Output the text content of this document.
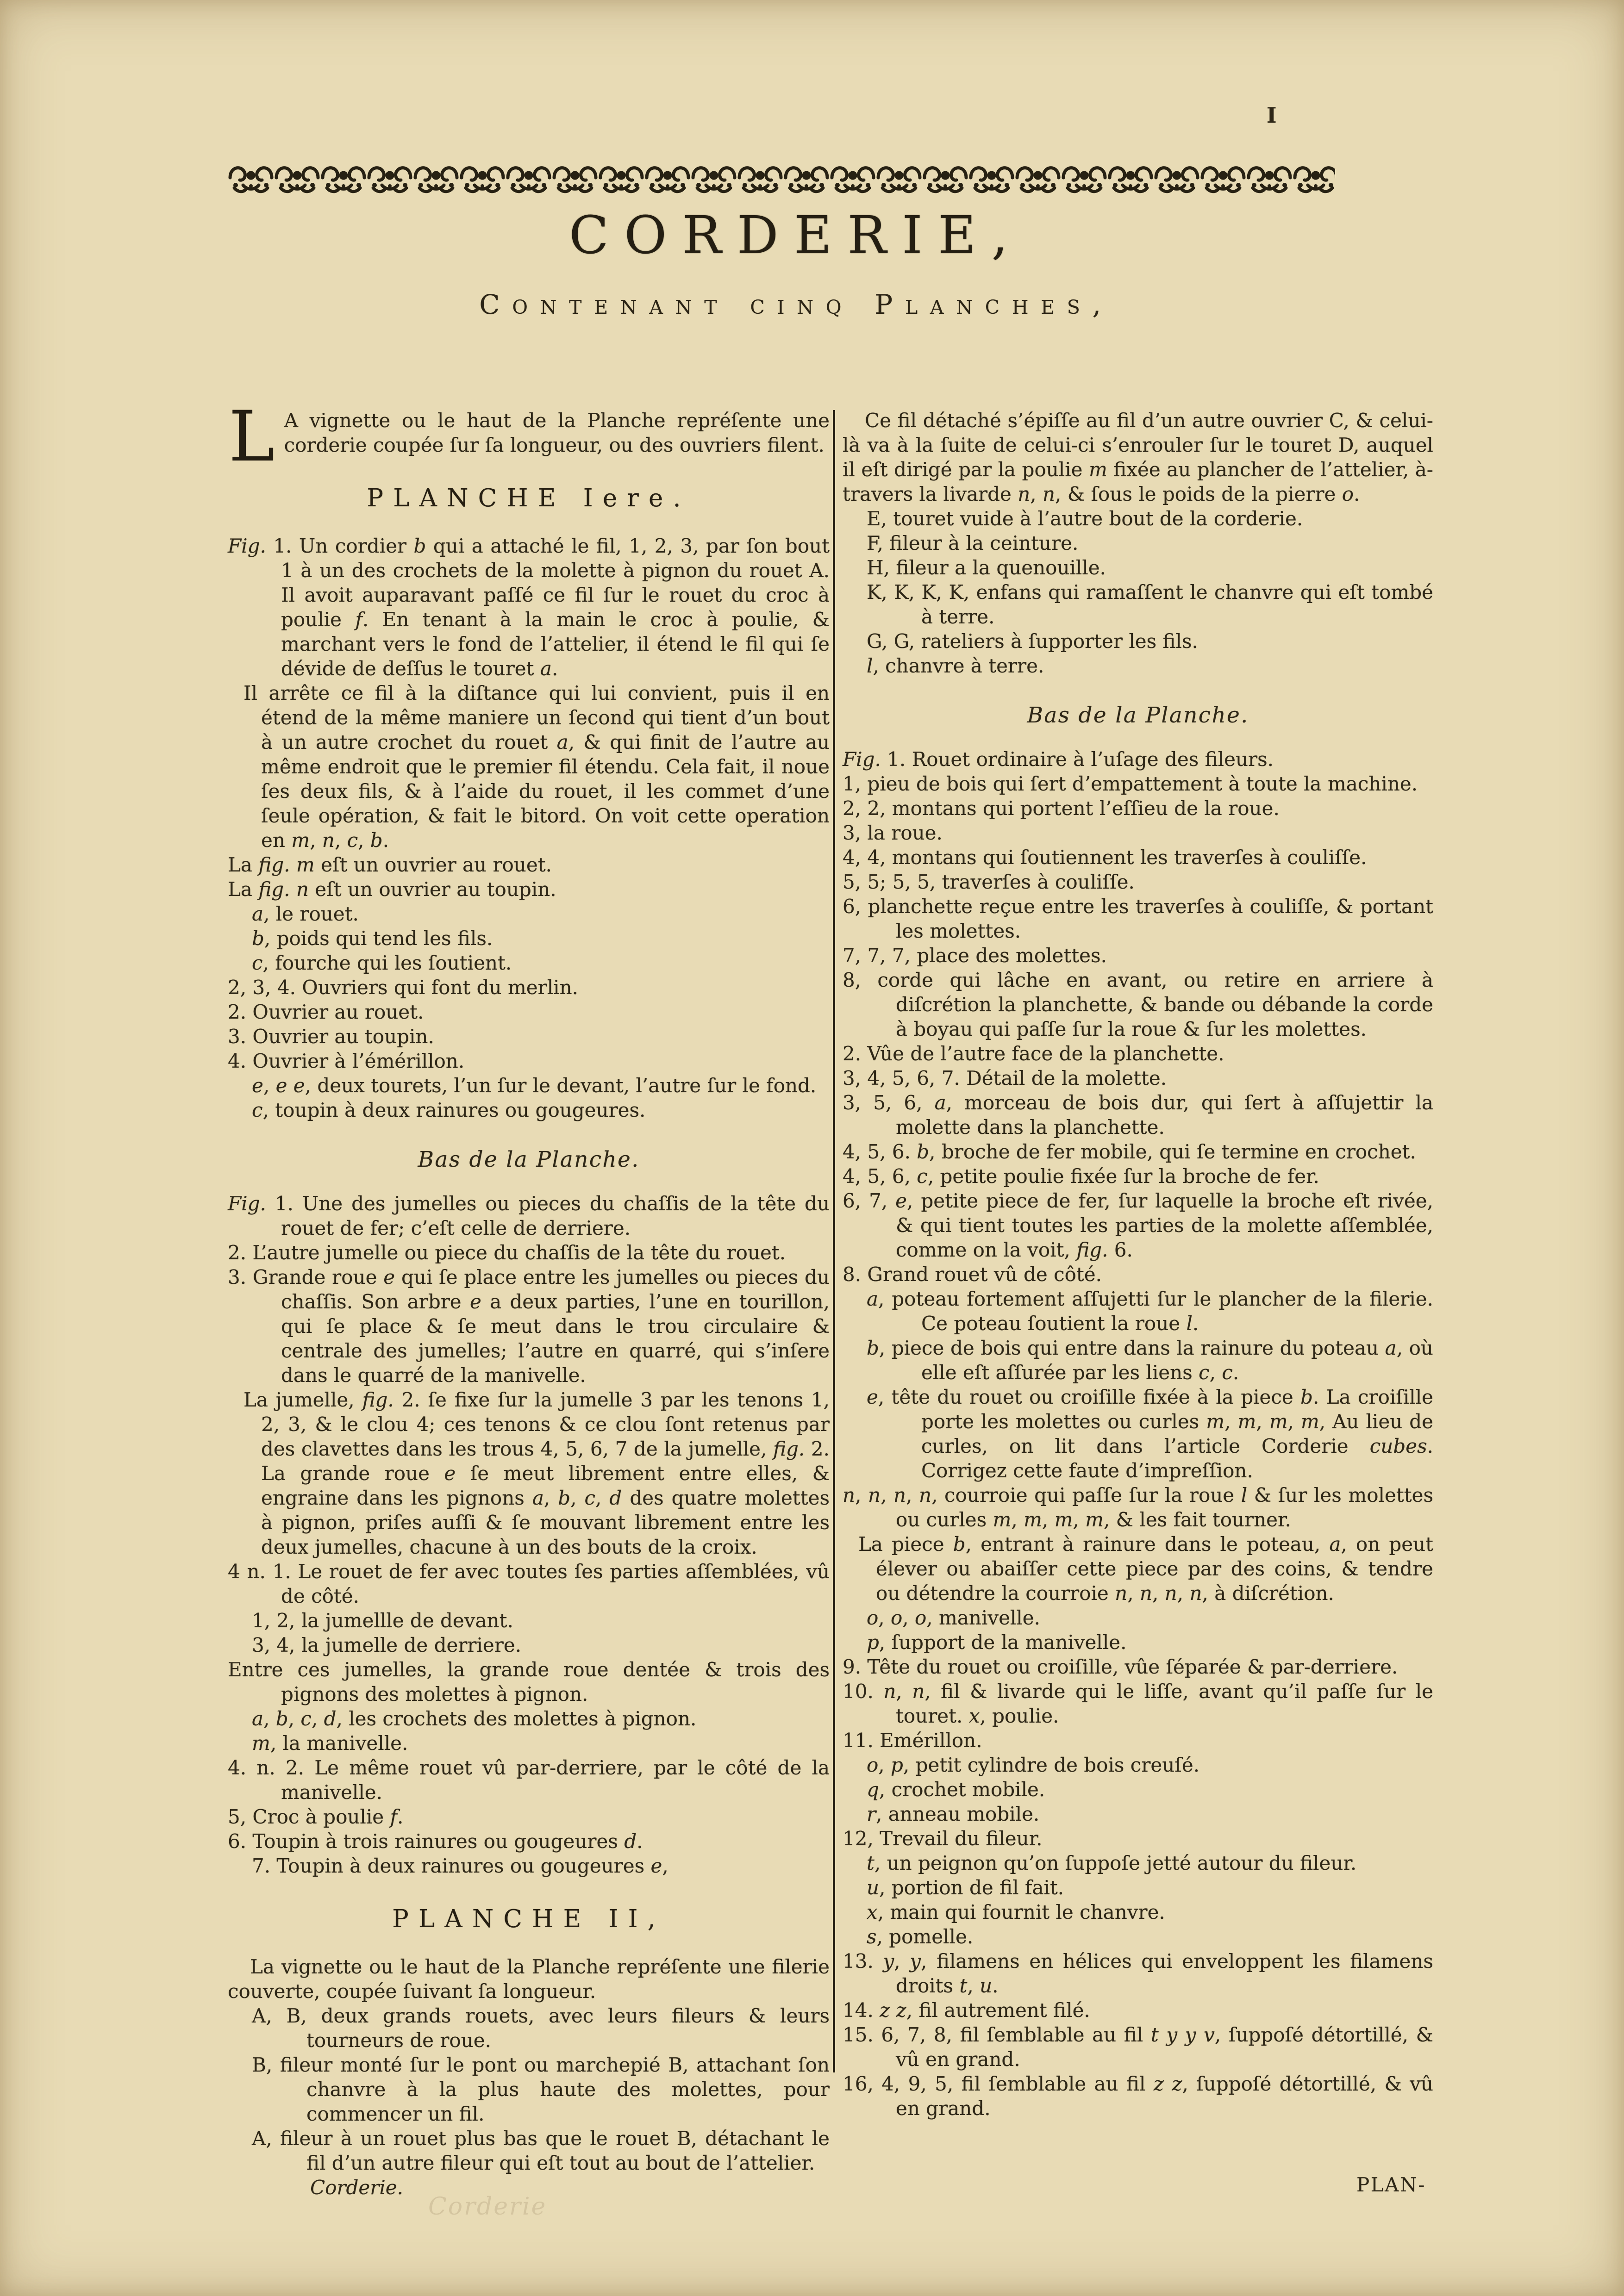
I
CORDERIE,
Contenant cinq Planches,
L A vignette ou le haut de la Planche repréſente une corderie coupée ſur ſa longueur, ou des ouvriers filent.
PLANCHE Iere.
Fig. 1. Un cordier b qui a attaché le fil, 1, 2, 3, par ſon bout 1 à un des crochets de la molette à pignon du rouet A. Il avoit auparavant paſſé ce fil ſur le rouet du croc à poulie f. En tenant à la main le croc à poulie, & marchant vers le fond de l’attelier, il étend le fil qui ſe dévide de deſſus le touret a.
Il arrête ce fil à la diſtance qui lui convient, puis il en étend de la même maniere un ſecond qui tient d’un bout à un autre crochet du rouet a, & qui finit de l’autre au même endroit que le premier fil étendu. Cela fait, il noue ſes deux fils, & à l’aide du rouet, il les commet d’une ſeule opération, & fait le bitord. On voit cette operation en m, n, c, b.
La fig. m eſt un ouvrier au rouet.
La fig. n eſt un ouvrier au toupin.
a, le rouet.
b, poids qui tend les fils.
c, fourche qui les ſoutient.
2, 3, 4. Ouvriers qui font du merlin.
2. Ouvrier au rouet.
3. Ouvrier au toupin.
4. Ouvrier à l’émérillon.
e, e e, deux tourets, l’un ſur le devant, l’autre ſur le fond.
c, toupin à deux rainures ou gougeures.
Bas de la Planche.
Fig. 1. Une des jumelles ou pieces du chaſſis de la tête du rouet de fer; c’eſt celle de derriere.
2. L’autre jumelle ou piece du chaſſis de la tête du rouet.
3. Grande roue e qui ſe place entre les jumelles ou pieces du chaſſis. Son arbre e a deux parties, l’une en tourillon, qui ſe place & ſe meut dans le trou circulaire & centrale des jumelles; l’autre en quarré, qui s’inſere dans le quarré de la manivelle.
La jumelle, fig. 2. ſe fixe ſur la jumelle 3 par les tenons 1, 2, 3, & le clou 4; ces tenons & ce clou ſont retenus par des clavettes dans les trous 4, 5, 6, 7 de la jumelle, fig. 2. La grande roue e ſe meut librement entre elles, & engraine dans les pignons a, b, c, d des quatre molettes à pignon, priſes auſſi & ſe mouvant librement entre les deux jumelles, chacune à un des bouts de la croix.
4 n. 1. Le rouet de fer avec toutes ſes parties aſſemblées, vû de côté.
1, 2, la jumellle de devant.
3, 4, la jumelle de derriere.
Entre ces jumelles, la grande roue dentée & trois des pignons des molettes à pignon.
a, b, c, d, les crochets des molettes à pignon.
m, la manivelle.
4. n. 2. Le même rouet vû par-derriere, par le côté de la manivelle.
5, Croc à poulie f.
6. Toupin à trois rainures ou gougeures d.
7. Toupin à deux rainures ou gougeures e,
PLANCHE II,
La vignette ou le haut de la Planche repréſente une filerie couverte, coupée ſuivant ſa longueur.
A, B, deux grands rouets, avec leurs fileurs & leurs tourneurs de roue.
B, fileur monté ſur le pont ou marchepié B, attachant ſon chanvre à la plus haute des molettes, pour commencer un fil.
A, fileur à un rouet plus bas que le rouet B, détachant le fil d’un autre fileur qui eſt tout au bout de l’attelier.
Corderie.
Ce fil détaché s’épiſſe au fil d’un autre ouvrier C, & celui-là va à la ſuite de celui-ci s’enrouler ſur le touret D, auquel il eſt dirigé par la poulie m fixée au plancher de l’attelier, à-travers la livarde n, n, & ſous le poids de la pierre o.
E, touret vuide à l’autre bout de la corderie.
F, fileur à la ceinture.
H, fileur a la quenouille.
K, K, K, K, enfans qui ramaſſent le chanvre qui eſt tombé à terre.
G, G, rateliers à ſupporter les fils.
l, chanvre à terre.
Bas de la Planche.
Fig. 1. Rouet ordinaire à l’uſage des fileurs.
1, pieu de bois qui ſert d’empattement à toute la machine.
2, 2, montans qui portent l’eſſieu de la roue.
3, la roue.
4, 4, montans qui ſoutiennent les traverſes à couliſſe.
5, 5; 5, 5, traverſes à couliſſe.
6, planchette reçue entre les traverſes à couliſſe, & portant les molettes.
7, 7, 7, place des molettes.
8, corde qui lâche en avant, ou retire en arriere à diſcrétion la planchette, & bande ou débande la corde à boyau qui paſſe ſur la roue & ſur les molettes.
2. Vûe de l’autre face de la planchette.
3, 4, 5, 6, 7. Détail de la molette.
3, 5, 6, a, morceau de bois dur, qui ſert à aſſujettir la molette dans la planchette.
4, 5, 6. b, broche de fer mobile, qui ſe termine en crochet.
4, 5, 6, c, petite poulie fixée ſur la broche de fer.
6, 7, e, petite piece de fer, ſur laquelle la broche eſt rivée, & qui tient toutes les parties de la molette aſſemblée, comme on la voit, fig. 6.
8. Grand rouet vû de côté.
a, poteau fortement aſſujetti ſur le plancher de la filerie. Ce poteau ſoutient la roue l.
b, piece de bois qui entre dans la rainure du poteau a, où elle eſt aſſurée par les liens c, c.
e, tête du rouet ou croiſille fixée à la piece b. La croiſille porte les molettes ou curles m, m, m, m, Au lieu de curles, on lit dans l’article Corderie cubes. Corrigez cette faute d’impreſſion.
n, n, n, n, courroie qui paſſe ſur la roue l & ſur les molettes ou curles m, m, m, m, & les fait tourner.
La piece b, entrant à rainure dans le poteau, a, on peut élever ou abaiſſer cette piece par des coins, & tendre ou détendre la courroie n, n, n, n, à diſcrétion.
o, o, o, manivelle.
p, ſupport de la manivelle.
9. Tête du rouet ou croiſille, vûe ſéparée & par-derriere.
10. n, n, fil & livarde qui le liſſe, avant qu’il paſſe ſur le touret. x, poulie.
11. Emérillon.
o, p, petit cylindre de bois creuſé.
q, crochet mobile.
r, anneau mobile.
12, Trevail du fileur.
t, un peignon qu’on ſuppoſe jetté autour du fileur.
u, portion de fil fait.
x, main qui fournit le chanvre.
s, pomelle.
13. y, y, filamens en hélices qui enveloppent les filamens droits t, u.
14. z z, fil autrement filé.
15. 6, 7, 8, fil ſemblable au fil t y y v, ſuppoſé détortillé, & vû en grand.
16, 4, 9, 5, fil ſemblable au fil z z, ſuppoſé détortillé, & vû en grand.
PLAN-
Corderie
